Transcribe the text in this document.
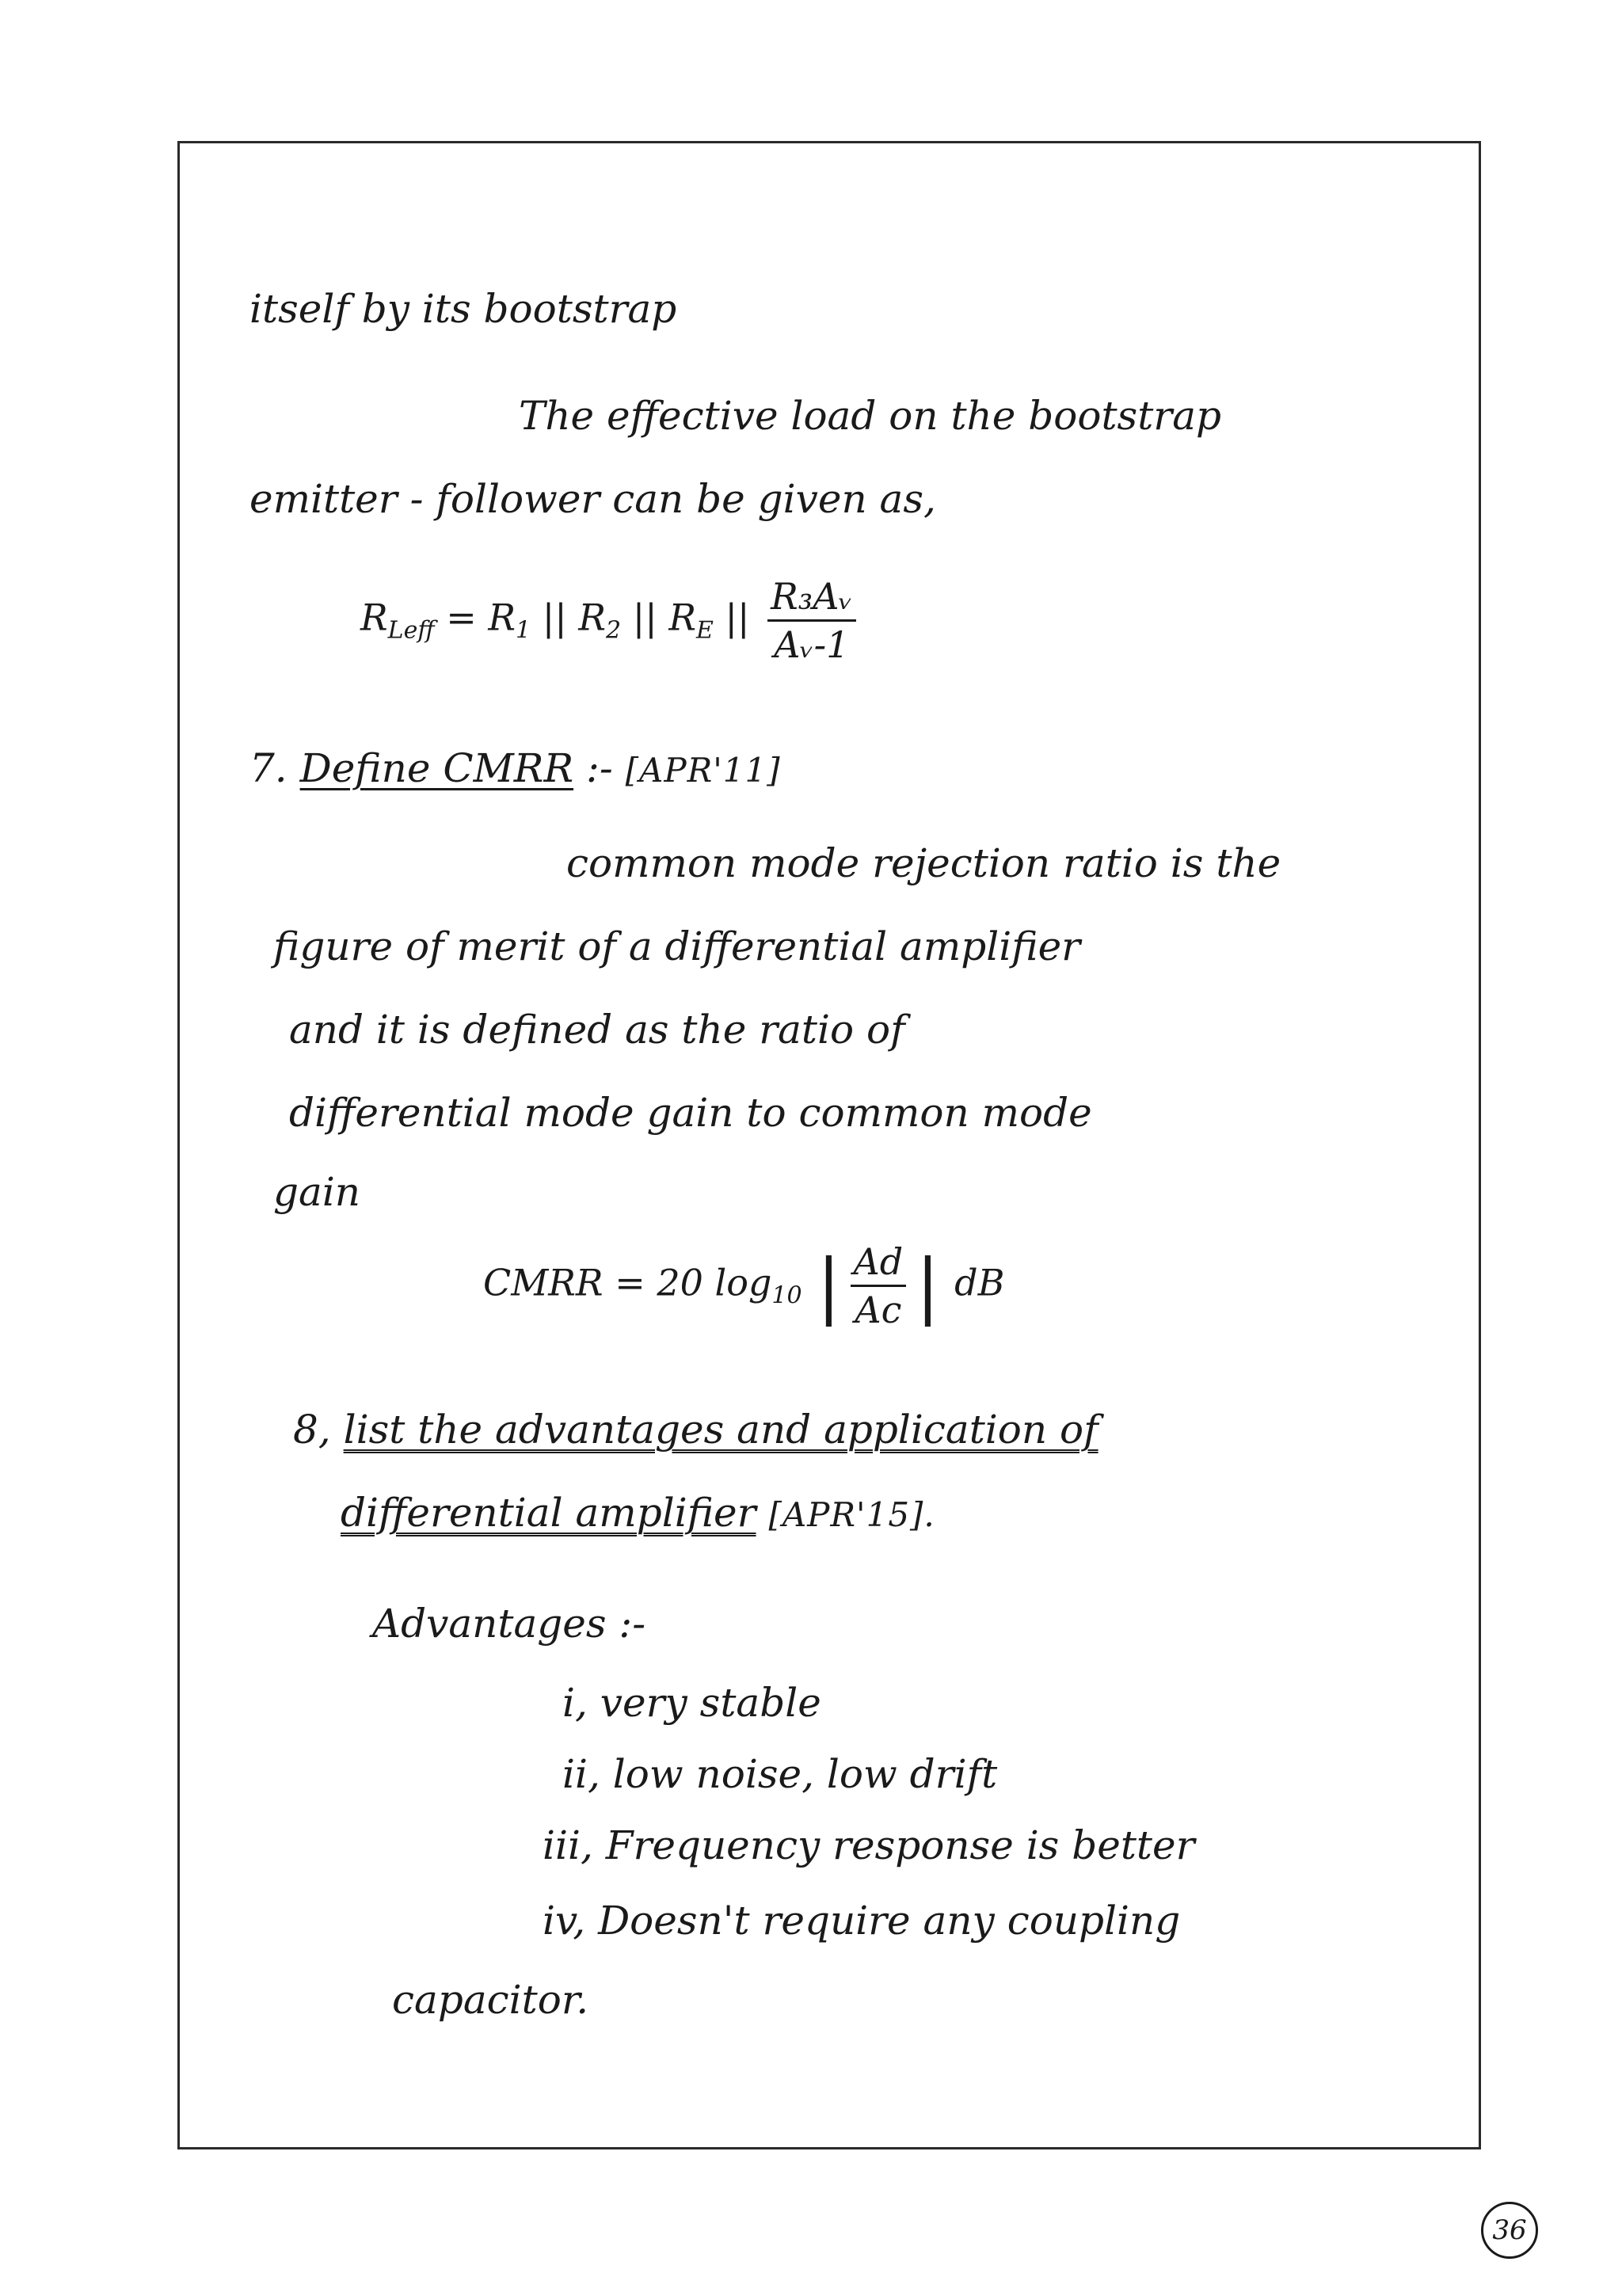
itself by its bootstrap
The effective load on the bootstrap
emitter - follower can be given as,
$R_{Leff} = R_1$ || $R_2$ || $R_E$ || $\frac{\text{R₃Aᵥ}}{\text{Aᵥ-1}}$
7. Define CMRR :- [APR'11]
common mode rejection ratio is the
figure of merit of a differential amplifier
and it is defined as the ratio of
differential mode gain to common mode
gain
CMRR = 20 $\log_{10}$ | $\frac{Ad}{Ac}$ | dB
8, list the advantages and application of
differential amplifier [APR'15].
Advantages :-
i, very stable
ii, low noise, low drift
iii, Frequency response is better
iv, Doesn't require any coupling
capacitor.
36
